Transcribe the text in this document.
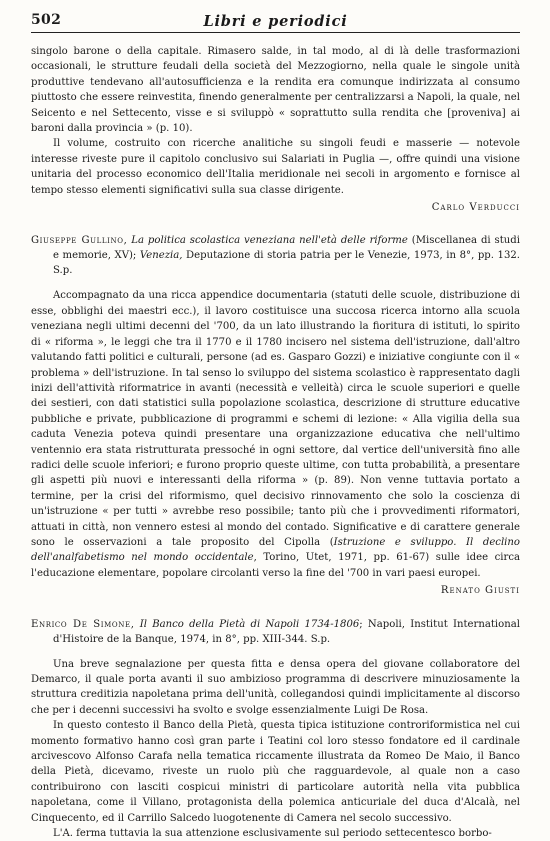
502	Libri e periodici

singolo barone o della capitale. Rimasero salde, in tal modo, al di là delle trasformazioni occasionali, le strutture feudali della società del Mezzogiorno, nella quale le singole unità produttive tendevano all'autosufficienza e la rendita era comunque indirizzata al consumo piuttosto che essere reinvestita, finendo generalmente per centralizzarsi a Napoli, la quale, nel Seicento e nel Settecento, visse e si sviluppò « soprattutto sulla rendita che [proveniva] ai baroni dalla provincia » (p. 10).

Il volume, costruito con ricerche analitiche su singoli feudi e masserie — notevole interesse riveste pure il capitolo conclusivo sui Salariati in Puglia —, offre quindi una visione unitaria del processo economico dell'Italia meridionale nei secoli in argomento e fornisce al tempo stesso elementi significativi sulla sua classe dirigente.

Carlo Verducci

Giuseppe Gullino, La politica scolastica veneziana nell'età delle riforme (Miscellanea di studi e memorie, XV); Venezia, Deputazione di storia patria per le Venezie, 1973, in 8°, pp. 132. S.p.

Accompagnato da una ricca appendice documentaria (statuti delle scuole, distribuzione di esse, obblighi dei maestri ecc.), il lavoro costituisce una succosa ricerca intorno alla scuola veneziana negli ultimi decenni del '700, da un lato illustrando la fioritura di istituti, lo spirito di « riforma », le leggi che tra il 1770 e il 1780 incisero nel sistema dell'istruzione, dall'altro valutando fatti politici e culturali, persone (ad es. Gasparo Gozzi) e iniziative congiunte con il « problema » dell'istruzione. In tal senso lo sviluppo del sistema scolastico è rappresentato dagli inizi dell'attività riformatrice in avanti (necessità e velleità) circa le scuole superiori e quelle dei sestieri, con dati statistici sulla popolazione scolastica, descrizione di strutture educative pubbliche e private, pubblicazione di programmi e schemi di lezione: « Alla vigilia della sua caduta Venezia poteva quindi presentare una organizzazione educativa che nell'ultimo ventennio era stata ristrutturata pressoché in ogni settore, dal vertice dell'università fino alle radici delle scuole inferiori; e furono proprio queste ultime, con tutta probabilità, a presentare gli aspetti più nuovi e interessanti della riforma » (p. 89). Non venne tuttavia portato a termine, per la crisi del riformismo, quel decisivo rinnovamento che solo la coscienza di un'istruzione « per tutti » avrebbe reso possibile; tanto più che i provvedimenti riformatori, attuati in città, non vennero estesi al mondo del contado. Significative e di carattere generale sono le osservazioni a tale proposito del Cipolla (Istruzione e sviluppo. Il declino dell'analfabetismo nel mondo occidentale, Torino, Utet, 1971, pp. 61-67) sulle idee circa l'educazione elementare, popolare circolanti verso la fine del '700 in vari paesi europei.

Renato Giusti

Enrico De Simone, Il Banco della Pietà di Napoli 1734-1806; Napoli, Institut International d'Histoire de la Banque, 1974, in 8°, pp. XIII-344. S.p.

Una breve segnalazione per questa fitta e densa opera del giovane collaboratore del Demarco, il quale porta avanti il suo ambizioso programma di descrivere minuziosamente la struttura creditizia napoletana prima dell'unità, collegandosi quindi implicitamente al discorso che per i decenni successivi ha svolto e svolge essenzialmente Luigi De Rosa.

In questo contesto il Banco della Pietà, questa tipica istituzione controriformistica nel cui momento formativo hanno così gran parte i Teatini col loro stesso fondatore ed il cardinale arcivescovo Alfonso Carafa nella tematica riccamente illustrata da Romeo De Maio, il Banco della Pietà, dicevamo, riveste un ruolo più che ragguardevole, al quale non a caso contribuirono con lasciti cospicui ministri di particolare autorità nella vita pubblica napoletana, come il Villano, protagonista della polemica anticuriale del duca d'Alcalà, nel Cinquecento, ed il Carrillo Salcedo luogotenente di Camera nel secolo successivo.

L'A. ferma tuttavia la sua attenzione esclusivamente sul periodo settecentesco borbo-
